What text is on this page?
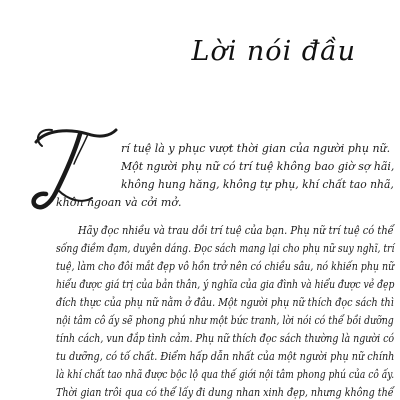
Lời nói đầu
rí tuệ là y phục vượt thời gian của người phụ nữ.
Một người phụ nữ có trí tuệ không bao giờ sợ hãi,
không hung hăng, không tự phụ, khí chất tao nhã,
khôn ngoan và cởi mở.
Hãy đọc nhiều và trau dồi trí tuệ của bạn. Phụ nữ trí tuệ có thể
sống điềm đạm, duyên dáng. Đọc sách mang lại cho phụ nữ suy nghĩ, trí
tuệ, làm cho đôi mắt đẹp vô hồn trở nên có chiều sâu, nó khiến phụ nữ
hiểu được giá trị của bản thân, ý nghĩa của gia đình và hiểu được vẻ đẹp
đích thực của phụ nữ nằm ở đâu. Một người phụ nữ thích đọc sách thì
nội tâm cô ấy sẽ phong phú như một bức tranh, lời nói có thể bồi dưỡng
tính cách, vun đắp tình cảm. Phụ nữ thích đọc sách thường là người có
tu dưỡng, có tố chất. Điểm hấp dẫn nhất của một người phụ nữ chính
là khí chất tao nhã được bộc lộ qua thế giới nội tâm phong phú của cô ấy.
Thời gian trôi qua có thể lấy đi dung nhan xinh đẹp, nhưng không thể
